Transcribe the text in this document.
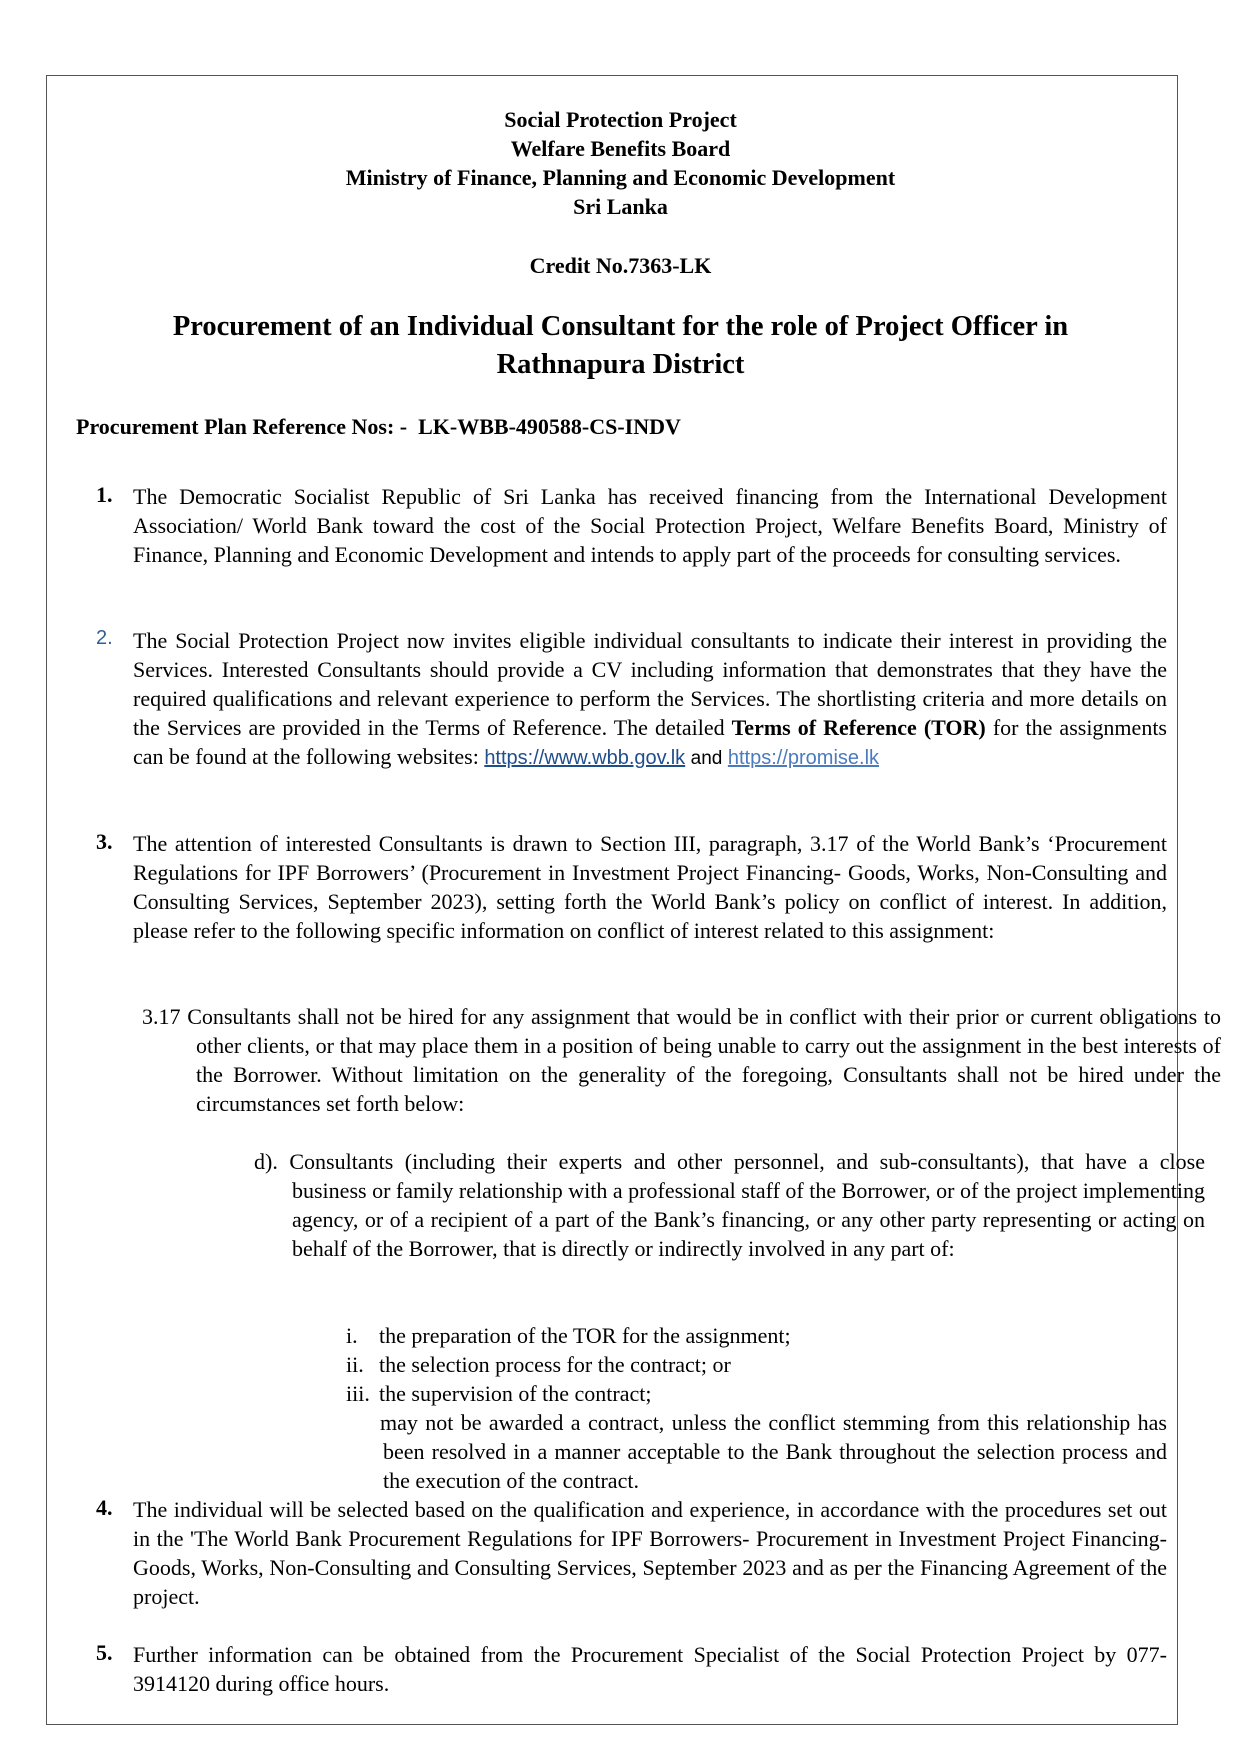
Social Protection Project
Welfare Benefits Board
Ministry of Finance, Planning and Economic Development
Sri Lanka
Credit No.7363-LK
Procurement of an Individual Consultant for the role of Project Officer in
Rathnapura District
Procurement Plan Reference Nos: -  LK-WBB-490588-CS-INDV
1. The Democratic Socialist Republic of Sri Lanka has received financing from the International Development Association/ World Bank toward the cost of the Social Protection Project, Welfare Benefits Board, Ministry of Finance, Planning and Economic Development and intends to apply part of the proceeds for consulting services.
2. The Social Protection Project now invites eligible individual consultants to indicate their interest in providing the Services. Interested Consultants should provide a CV including information that demonstrates that they have the required qualifications and relevant experience to perform the Services. The shortlisting criteria and more details on the Services are provided in the Terms of Reference. The detailed Terms of Reference (TOR) for the assignments can be found at the following websites: https://www.wbb.gov.lk and https://promise.lk
3. The attention of interested Consultants is drawn to Section III, paragraph, 3.17 of the World Bank’s ‘Procurement Regulations for IPF Borrowers’ (Procurement in Investment Project Financing- Goods, Works, Non-Consulting and Consulting Services, September 2023), setting forth the World Bank’s policy on conflict of interest. In addition, please refer to the following specific information on conflict of interest related to this assignment:
3.17 Consultants shall not be hired for any assignment that would be in conflict with their prior or current obligations to other clients, or that may place them in a position of being unable to carry out the assignment in the best interests of the Borrower. Without limitation on the generality of the foregoing, Consultants shall not be hired under the circumstances set forth below:
d). Consultants (including their experts and other personnel, and sub-consultants), that have a close business or family relationship with a professional staff of the Borrower, or of the project implementing agency, or of a recipient of a part of the Bank’s financing, or any other party representing or acting on behalf of the Borrower, that is directly or indirectly involved in any part of:
i. the preparation of the TOR for the assignment;
ii. the selection process for the contract; or
iii. the supervision of the contract;
may not be awarded a contract, unless the conflict stemming from this relationship has been resolved in a manner acceptable to the Bank throughout the selection process and the execution of the contract.
4. The individual will be selected based on the qualification and experience, in accordance with the procedures set out in the 'The World Bank Procurement Regulations for IPF Borrowers- Procurement in Investment Project Financing- Goods, Works, Non-Consulting and Consulting Services, September 2023 and as per the Financing Agreement of the project.
5. Further information can be obtained from the Procurement Specialist of the Social Protection Project by 077-3914120 during office hours.
